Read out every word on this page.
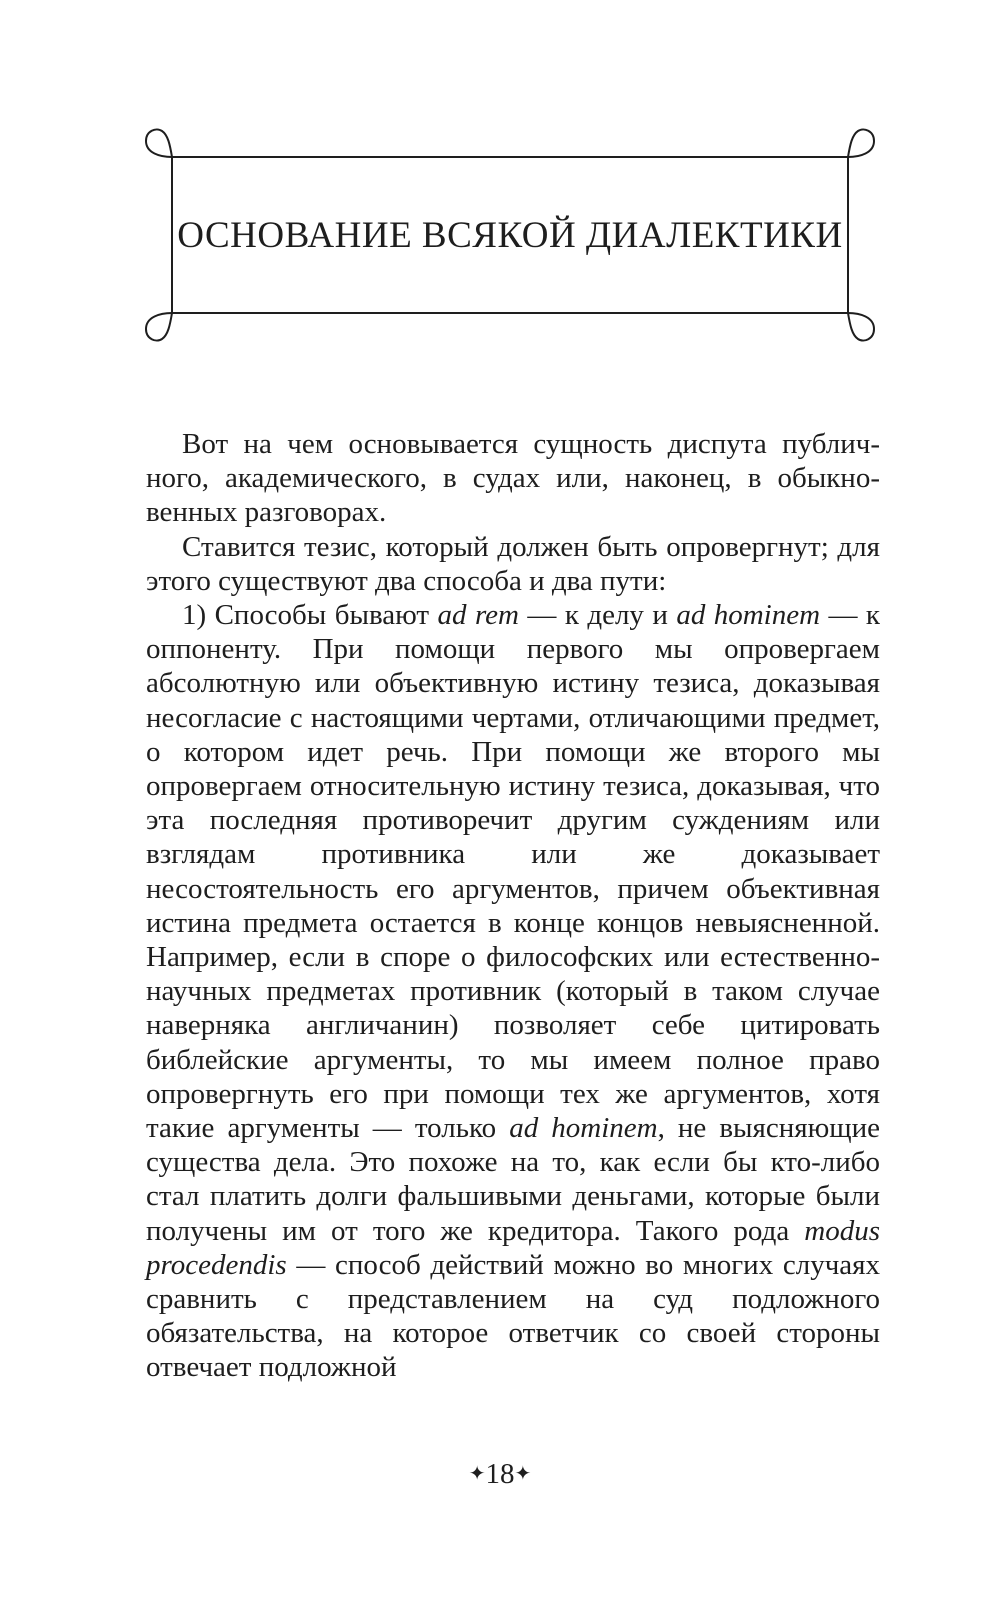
ОСНОВАНИЕ ВСЯКОЙ ДИАЛЕКТИКИ

Вот на чем основывается сущность диспута публичного, академического, в судах или, наконец, в обыкновенных разговорах.

Ставится тезис, который должен быть опровергнут; для этого существуют два способа и два пути:

1) Способы бывают ad rem — к делу и ad hominem — к оппоненту. При помощи первого мы опровергаем абсолютную или объективную истину тезиса, доказывая несогласие с настоящими чертами, отличающими предмет, о котором идет речь. При помощи же второго мы опровергаем относительную истину тезиса, доказывая, что эта последняя противоречит другим суждениям или взглядам противника или же доказывает несостоятельность его аргументов, причем объективная истина предмета остается в конце концов невыясненной. Например, если в споре о философских или естественно-научных предметах противник (который в таком случае наверняка англичанин) позволяет себе цитировать библейские аргументы, то мы имеем полное право опровергнуть его при помощи тех же аргументов, хотя такие аргументы — только ad hominem, не выясняющие существа дела. Это похоже на то, как если бы кто-либо стал платить долги фальшивыми деньгами, которые были получены им от того же кредитора. Такого рода modus procedendis — способ действий можно во многих случаях сравнить с представлением на суд подложного обязательства, на которое ответчик со своей стороны отвечает подложной

✦18✦
